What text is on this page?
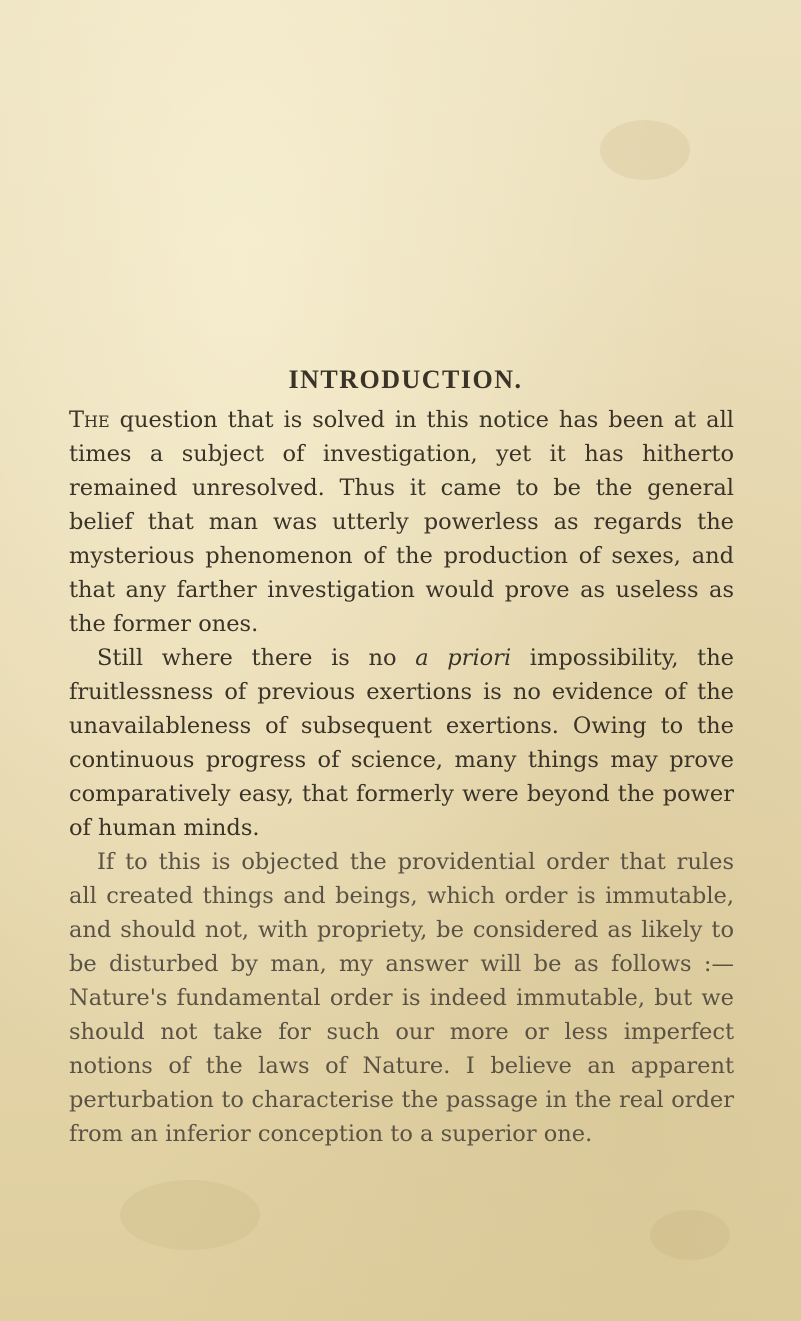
INTRODUCTION.

The question that is solved in this notice has been at all times a subject of investigation, yet it has hitherto remained unresolved. Thus it came to be the general belief that man was utterly powerless as regards the mysterious phenomenon of the production of sexes, and that any farther investigation would prove as useless as the former ones.

Still where there is no a priori impossibility, the fruitlessness of previous exertions is no evidence of the unavailableness of subsequent exertions. Owing to the continuous progress of science, many things may prove comparatively easy, that formerly were beyond the power of human minds.

If to this is objected the providential order that rules all created things and beings, which order is immutable, and should not, with propriety, be considered as likely to be disturbed by man, my answer will be as follows :—Nature's fundamental order is indeed immutable, but we should not take for such our more or less imperfect notions of the laws of Nature. I believe an apparent perturbation to characterise the passage in the real order from an inferior conception to a superior one.
